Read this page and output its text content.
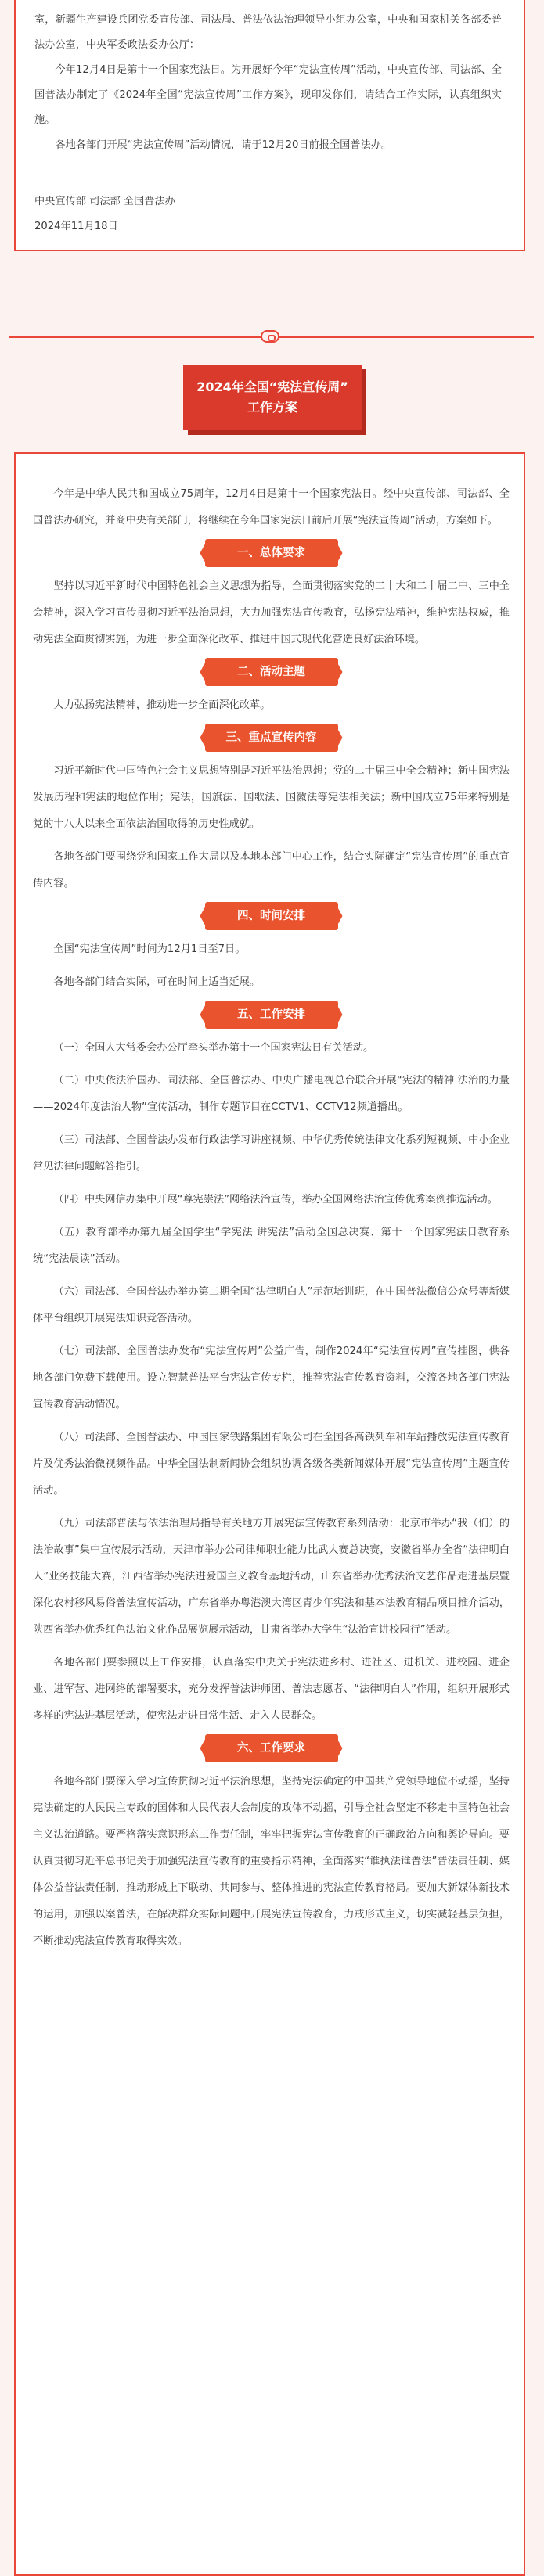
室，新疆生产建设兵团党委宣传部、司法局、普法依法治理领导小组办公室，中央和国家机关各部委普法办公室，中央军委政法委办公厅：

今年12月4日是第十一个国家宪法日。为开展好今年“宪法宣传周”活动，中央宣传部、司法部、全国普法办制定了《2024年全国“宪法宣传周”工作方案》，现印发你们，请结合工作实际，认真组织实施。

各地各部门开展“宪法宣传周”活动情况，请于12月20日前报全国普法办。

中央宣传部 司法部 全国普法办

2024年11月18日

2024年全国“宪法宣传周”
工作方案

今年是中华人民共和国成立75周年，12月4日是第十一个国家宪法日。经中央宣传部、司法部、全国普法办研究，并商中央有关部门，将继续在今年国家宪法日前后开展“宪法宣传周”活动，方案如下。

一、总体要求

坚持以习近平新时代中国特色社会主义思想为指导，全面贯彻落实党的二十大和二十届二中、三中全会精神，深入学习宣传贯彻习近平法治思想，大力加强宪法宣传教育，弘扬宪法精神，维护宪法权威，推动宪法全面贯彻实施，为进一步全面深化改革、推进中国式现代化营造良好法治环境。

二、活动主题

大力弘扬宪法精神，推动进一步全面深化改革。

三、重点宣传内容

习近平新时代中国特色社会主义思想特别是习近平法治思想；党的二十届三中全会精神；新中国宪法发展历程和宪法的地位作用；宪法，国旗法、国歌法、国徽法等宪法相关法；新中国成立75年来特别是党的十八大以来全面依法治国取得的历史性成就。

各地各部门要围绕党和国家工作大局以及本地本部门中心工作，结合实际确定“宪法宣传周”的重点宣传内容。

四、时间安排

全国“宪法宣传周”时间为12月1日至7日。

各地各部门结合实际，可在时间上适当延展。

五、工作安排

（一）全国人大常委会办公厅牵头举办第十一个国家宪法日有关活动。

（二）中央依法治国办、司法部、全国普法办、中央广播电视总台联合开展“宪法的精神 法治的力量——2024年度法治人物”宣传活动，制作专题节目在CCTV1、CCTV12频道播出。

（三）司法部、全国普法办发布行政法学习讲座视频、中华优秀传统法律文化系列短视频、中小企业常见法律问题解答指引。

（四）中央网信办集中开展“尊宪崇法”网络法治宣传，举办全国网络法治宣传优秀案例推选活动。

（五）教育部举办第九届全国学生“学宪法 讲宪法”活动全国总决赛、第十一个国家宪法日教育系统“宪法晨读”活动。

（六）司法部、全国普法办举办第二期全国“法律明白人”示范培训班，在中国普法微信公众号等新媒体平台组织开展宪法知识竞答活动。

（七）司法部、全国普法办发布“宪法宣传周”公益广告，制作2024年“宪法宣传周”宣传挂图，供各地各部门免费下载使用。设立智慧普法平台宪法宣传专栏，推荐宪法宣传教育资料，交流各地各部门宪法宣传教育活动情况。

（八）司法部、全国普法办、中国国家铁路集团有限公司在全国各高铁列车和车站播放宪法宣传教育片及优秀法治微视频作品。中华全国法制新闻协会组织协调各级各类新闻媒体开展“宪法宣传周”主题宣传活动。

（九）司法部普法与依法治理局指导有关地方开展宪法宣传教育系列活动：北京市举办“我（们）的法治故事”集中宣传展示活动，天津市举办公司律师职业能力比武大赛总决赛，安徽省举办全省“法律明白人”业务技能大赛，江西省举办宪法进爱国主义教育基地活动，山东省举办优秀法治文艺作品走进基层暨深化农村移风易俗普法宣传活动，广东省举办粤港澳大湾区青少年宪法和基本法教育精品项目推介活动，陕西省举办优秀红色法治文化作品展览展示活动，甘肃省举办大学生“法治宣讲校园行”活动。

各地各部门要参照以上工作安排，认真落实中央关于宪法进乡村、进社区、进机关、进校园、进企业、进军营、进网络的部署要求，充分发挥普法讲师团、普法志愿者、“法律明白人”作用，组织开展形式多样的宪法进基层活动，使宪法走进日常生活、走入人民群众。

六、工作要求

各地各部门要深入学习宣传贯彻习近平法治思想，坚持宪法确定的中国共产党领导地位不动摇，坚持宪法确定的人民民主专政的国体和人民代表大会制度的政体不动摇，引导全社会坚定不移走中国特色社会主义法治道路。要严格落实意识形态工作责任制，牢牢把握宪法宣传教育的正确政治方向和舆论导向。要认真贯彻习近平总书记关于加强宪法宣传教育的重要指示精神，全面落实“谁执法谁普法”普法责任制、媒体公益普法责任制，推动形成上下联动、共同参与、整体推进的宪法宣传教育格局。要加大新媒体新技术的运用，加强以案普法，在解决群众实际问题中开展宪法宣传教育，力戒形式主义，切实减轻基层负担，不断推动宪法宣传教育取得实效。
